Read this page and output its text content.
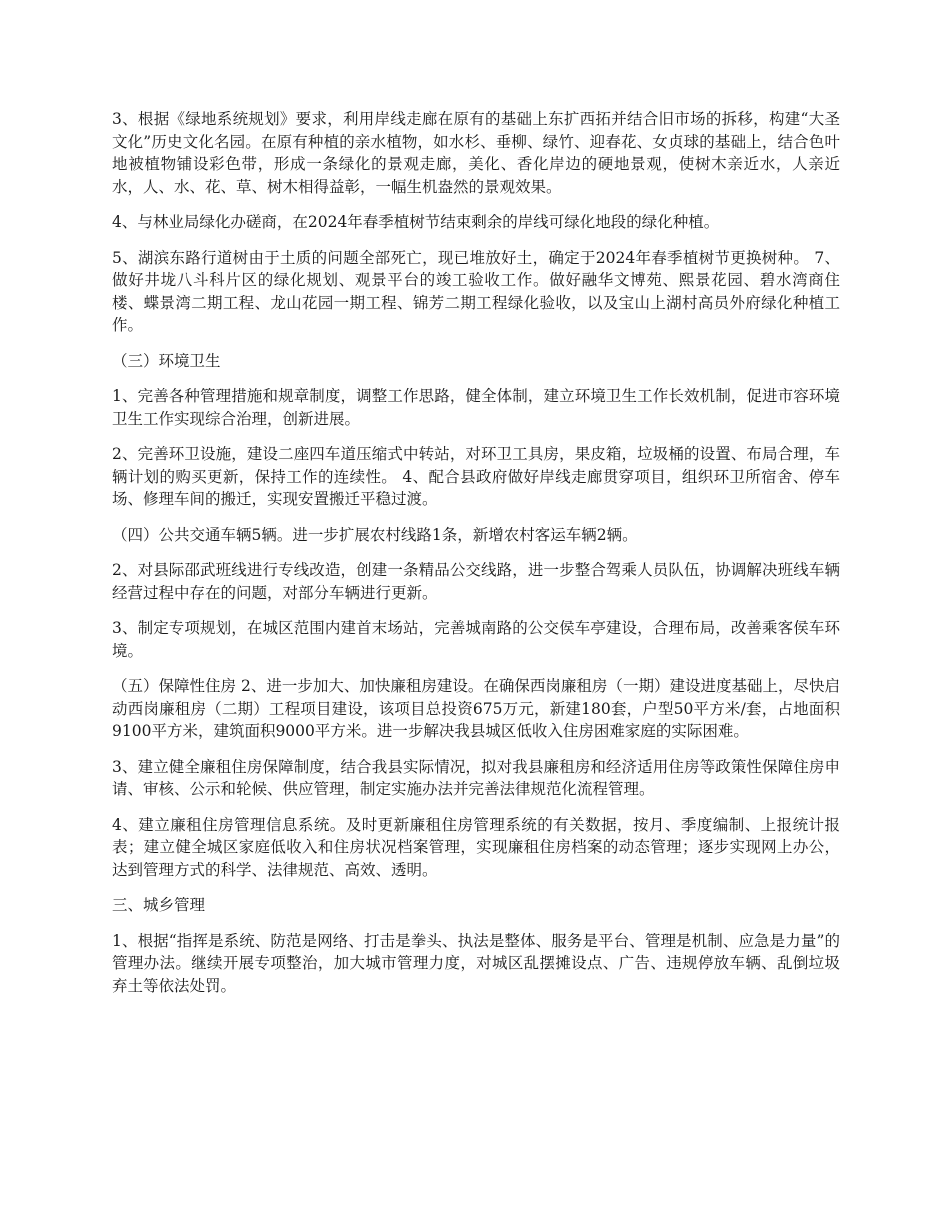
3、根据《绿地系统规划》要求，利用岸线走廊在原有的基础上东扩西拓并结合旧市场的拆移，构建“大圣文化”历史文化名园。在原有种植的亲水植物，如水杉、垂柳、绿竹、迎春花、女贞球的基础上，结合色叶地被植物铺设彩色带，形成一条绿化的景观走廊，美化、香化岸边的硬地景观，使树木亲近水，人亲近水，人、水、花、草、树木相得益彰，一幅生机盎然的景观效果。

4、与林业局绿化办磋商，在2024年春季植树节结束剩余的岸线可绿化地段的绿化种植。

5、湖滨东路行道树由于土质的问题全部死亡，现已堆放好土，确定于2024年春季植树节更换树种。 7、做好井垅八斗科片区的绿化规划、观景平台的竣工验收工作。做好融华文博苑、熙景花园、碧水湾商住楼、蝶景湾二期工程、龙山花园一期工程、锦芳二期工程绿化验收，以及宝山上湖村高员外府绿化种植工作。

（三）环境卫生

1、完善各种管理措施和规章制度，调整工作思路，健全体制，建立环境卫生工作长效机制，促进市容环境卫生工作实现综合治理，创新进展。

2、完善环卫设施，建设二座四车道压缩式中转站，对环卫工具房，果皮箱，垃圾桶的设置、布局合理，车辆计划的购买更新，保持工作的连续性。 4、配合县政府做好岸线走廊贯穿项目，组织环卫所宿舍、停车场、修理车间的搬迁，实现安置搬迁平稳过渡。

（四）公共交通车辆5辆。进一步扩展农村线路1条，新增农村客运车辆2辆。

2、对县际邵武班线进行专线改造，创建一条精品公交线路，进一步整合驾乘人员队伍，协调解决班线车辆经营过程中存在的问题，对部分车辆进行更新。

3、制定专项规划，在城区范围内建首末场站，完善城南路的公交侯车亭建设，合理布局，改善乘客侯车环境。

（五）保障性住房 2、进一步加大、加快廉租房建设。在确保西岗廉租房（一期）建设进度基础上，尽快启动西岗廉租房（二期）工程项目建设，该项目总投资675万元，新建180套，户型50平方米/套，占地面积9100平方米，建筑面积9000平方米。进一步解决我县城区低收入住房困难家庭的实际困难。

3、建立健全廉租住房保障制度，结合我县实际情况，拟对我县廉租房和经济适用住房等政策性保障住房申请、审核、公示和轮候、供应管理，制定实施办法并完善法律规范化流程管理。

4、建立廉租住房管理信息系统。及时更新廉租住房管理系统的有关数据，按月、季度编制、上报统计报表；建立健全城区家庭低收入和住房状况档案管理，实现廉租住房档案的动态管理；逐步实现网上办公，达到管理方式的科学、法律规范、高效、透明。

三、城乡管理

1、根据“指挥是系统、防范是网络、打击是拳头、执法是整体、服务是平台、管理是机制、应急是力量”的管理办法。继续开展专项整治，加大城市管理力度，对城区乱摆摊设点、广告、违规停放车辆、乱倒垃圾弃土等依法处罚。
